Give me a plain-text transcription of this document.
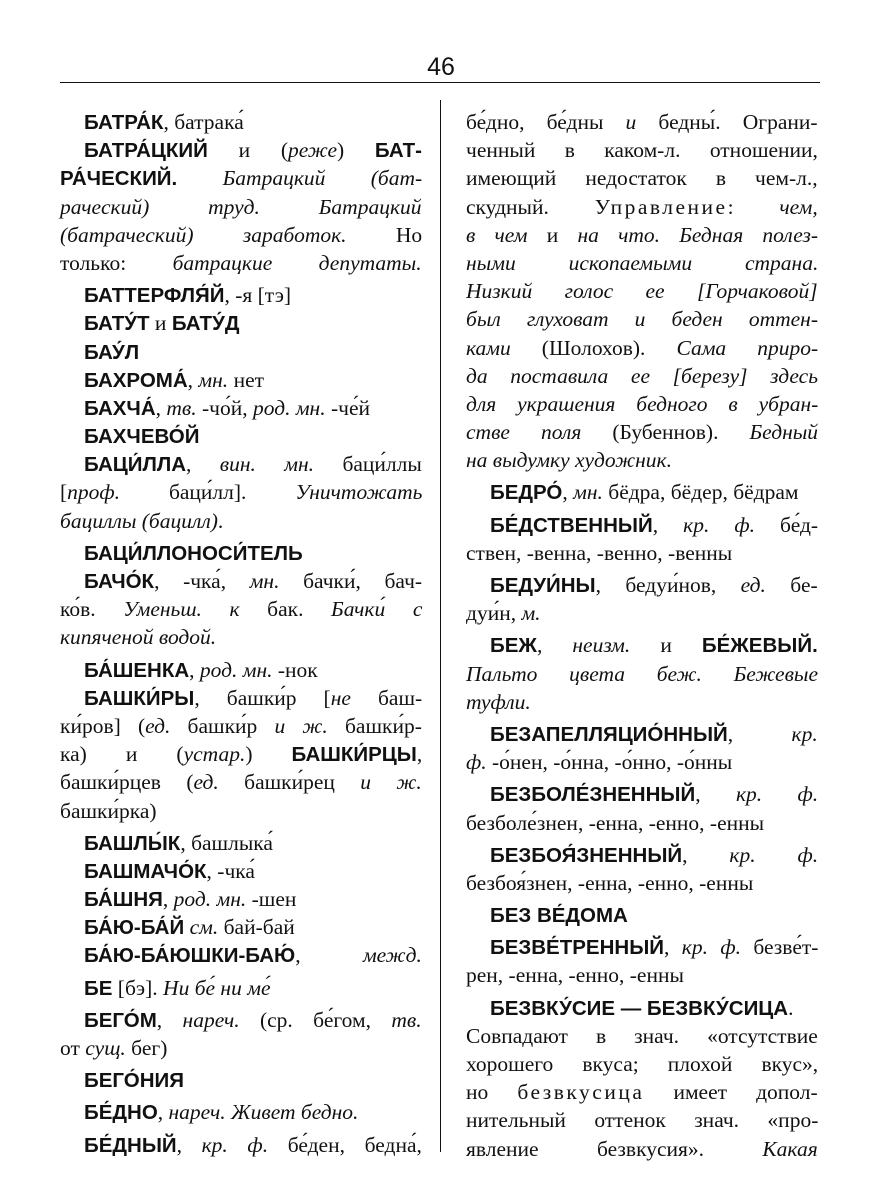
46
БАТРА́К, батрака́
БАТРА́ЦКИЙ и (реже) БАТ-
РА́ЧЕСКИЙ. Батрацкий (бат-
рачеcкий) труд. Батрацкий
(батрачеcкий) заработок. Но
только: батрацкие депутаты.
БАТТЕРФЛЯ́Й, -я [тэ]
БАТУ́Т и БАТУ́Д
БАУ́Л
БАХРОМА́, мн. нет
БАХЧА́, тв. -чо́й, род. мн. -че́й
БАХЧЕВО́Й
БАЦИ́ЛЛА, вин. мн. баци́ллы
[проф. баци́лл]. Уничтожать
бациллы (бацилл).
БАЦИ́ЛЛОНОСИ́ТЕЛЬ
БАЧО́К, -чка́, мн. бачки́, бач-
ко́в. Уменьш. к бак. Бачки́ с
кипяченой водой.
БА́ШЕНКА, род. мн. -нок
БАШКИ́РЫ, башки́р [не баш-
ки́ров] (ед. башки́р и ж. башки́р-
ка) и (устар.) БАШКИ́РЦЫ,
башки́рцев (ед. башки́рец и ж.
башки́рка)
БАШЛЫ́К, башлыка́
БАШМАЧО́К, -чка́
БА́ШНЯ, род. мн. -шен
БА́Ю-БА́Й см. бай-бай
БА́Ю-БА́ЮШКИ-БАЮ́, межд.
БЕ [бэ]. Ни бе́ ни ме́
БЕГО́М, нареч. (ср. бе́гом, тв.
от сущ. бег)
БЕГО́НИЯ
БЕ́ДНО, нареч. Живет бедно.
БЕ́ДНЫЙ, кр. ф. бе́ден, бедна́,
бе́дно, бе́дны и бедны́. Ограни-
ченный в каком-л. отношении,
имеющий недостаток в чем-л.,
скудный. Управление: чем,
в чем и на что. Бедная полез-
ными ископаемыми страна.
Низкий голос ее [Горчаковой]
был глуховат и беден оттен-
ками (Шолохов). Сама приро-
да поставила ее [березу] здесь
для украшения бедного в убран-
стве поля (Бубеннов). Бедный
на выдумку художник.
БЕДРО́, мн. бёдра, бёдер, бёдрам
БЕ́ДСТВЕННЫЙ, кр. ф. бе́д-
ствен, -венна, -венно, -венны
БЕДУИ́НЫ, бедуи́нов, ед. бе-
дуи́н, м.
БЕЖ, неизм. и БЕ́ЖЕВЫЙ.
Пальто цвета беж. Бежевые
туфли.
БЕЗАПЕЛЛЯЦИО́ННЫЙ, кр.
ф. -о́нен, -о́нна, -о́нно, -о́нны
БЕЗБОЛЕ́ЗНЕННЫЙ, кр. ф.
безболе́знен, -енна, -енно, -енны
БЕЗБОЯ́ЗНЕННЫЙ, кр. ф.
безбоя́знен, -енна, -енно, -енны
БЕЗ ВЕ́ДОМА
БЕЗВЕ́ТРЕННЫЙ, кр. ф. безве́т-
рен, -енна, -енно, -енны
БЕЗВКУ́СИЕ — БЕЗВКУ́СИЦА.
Совпадают в знач. «отсутствие
хорошего вкуса; плохой вкус»,
но безвкусица имеет допол-
нительный оттенок знач. «про-
явление безвкусия». Какая
